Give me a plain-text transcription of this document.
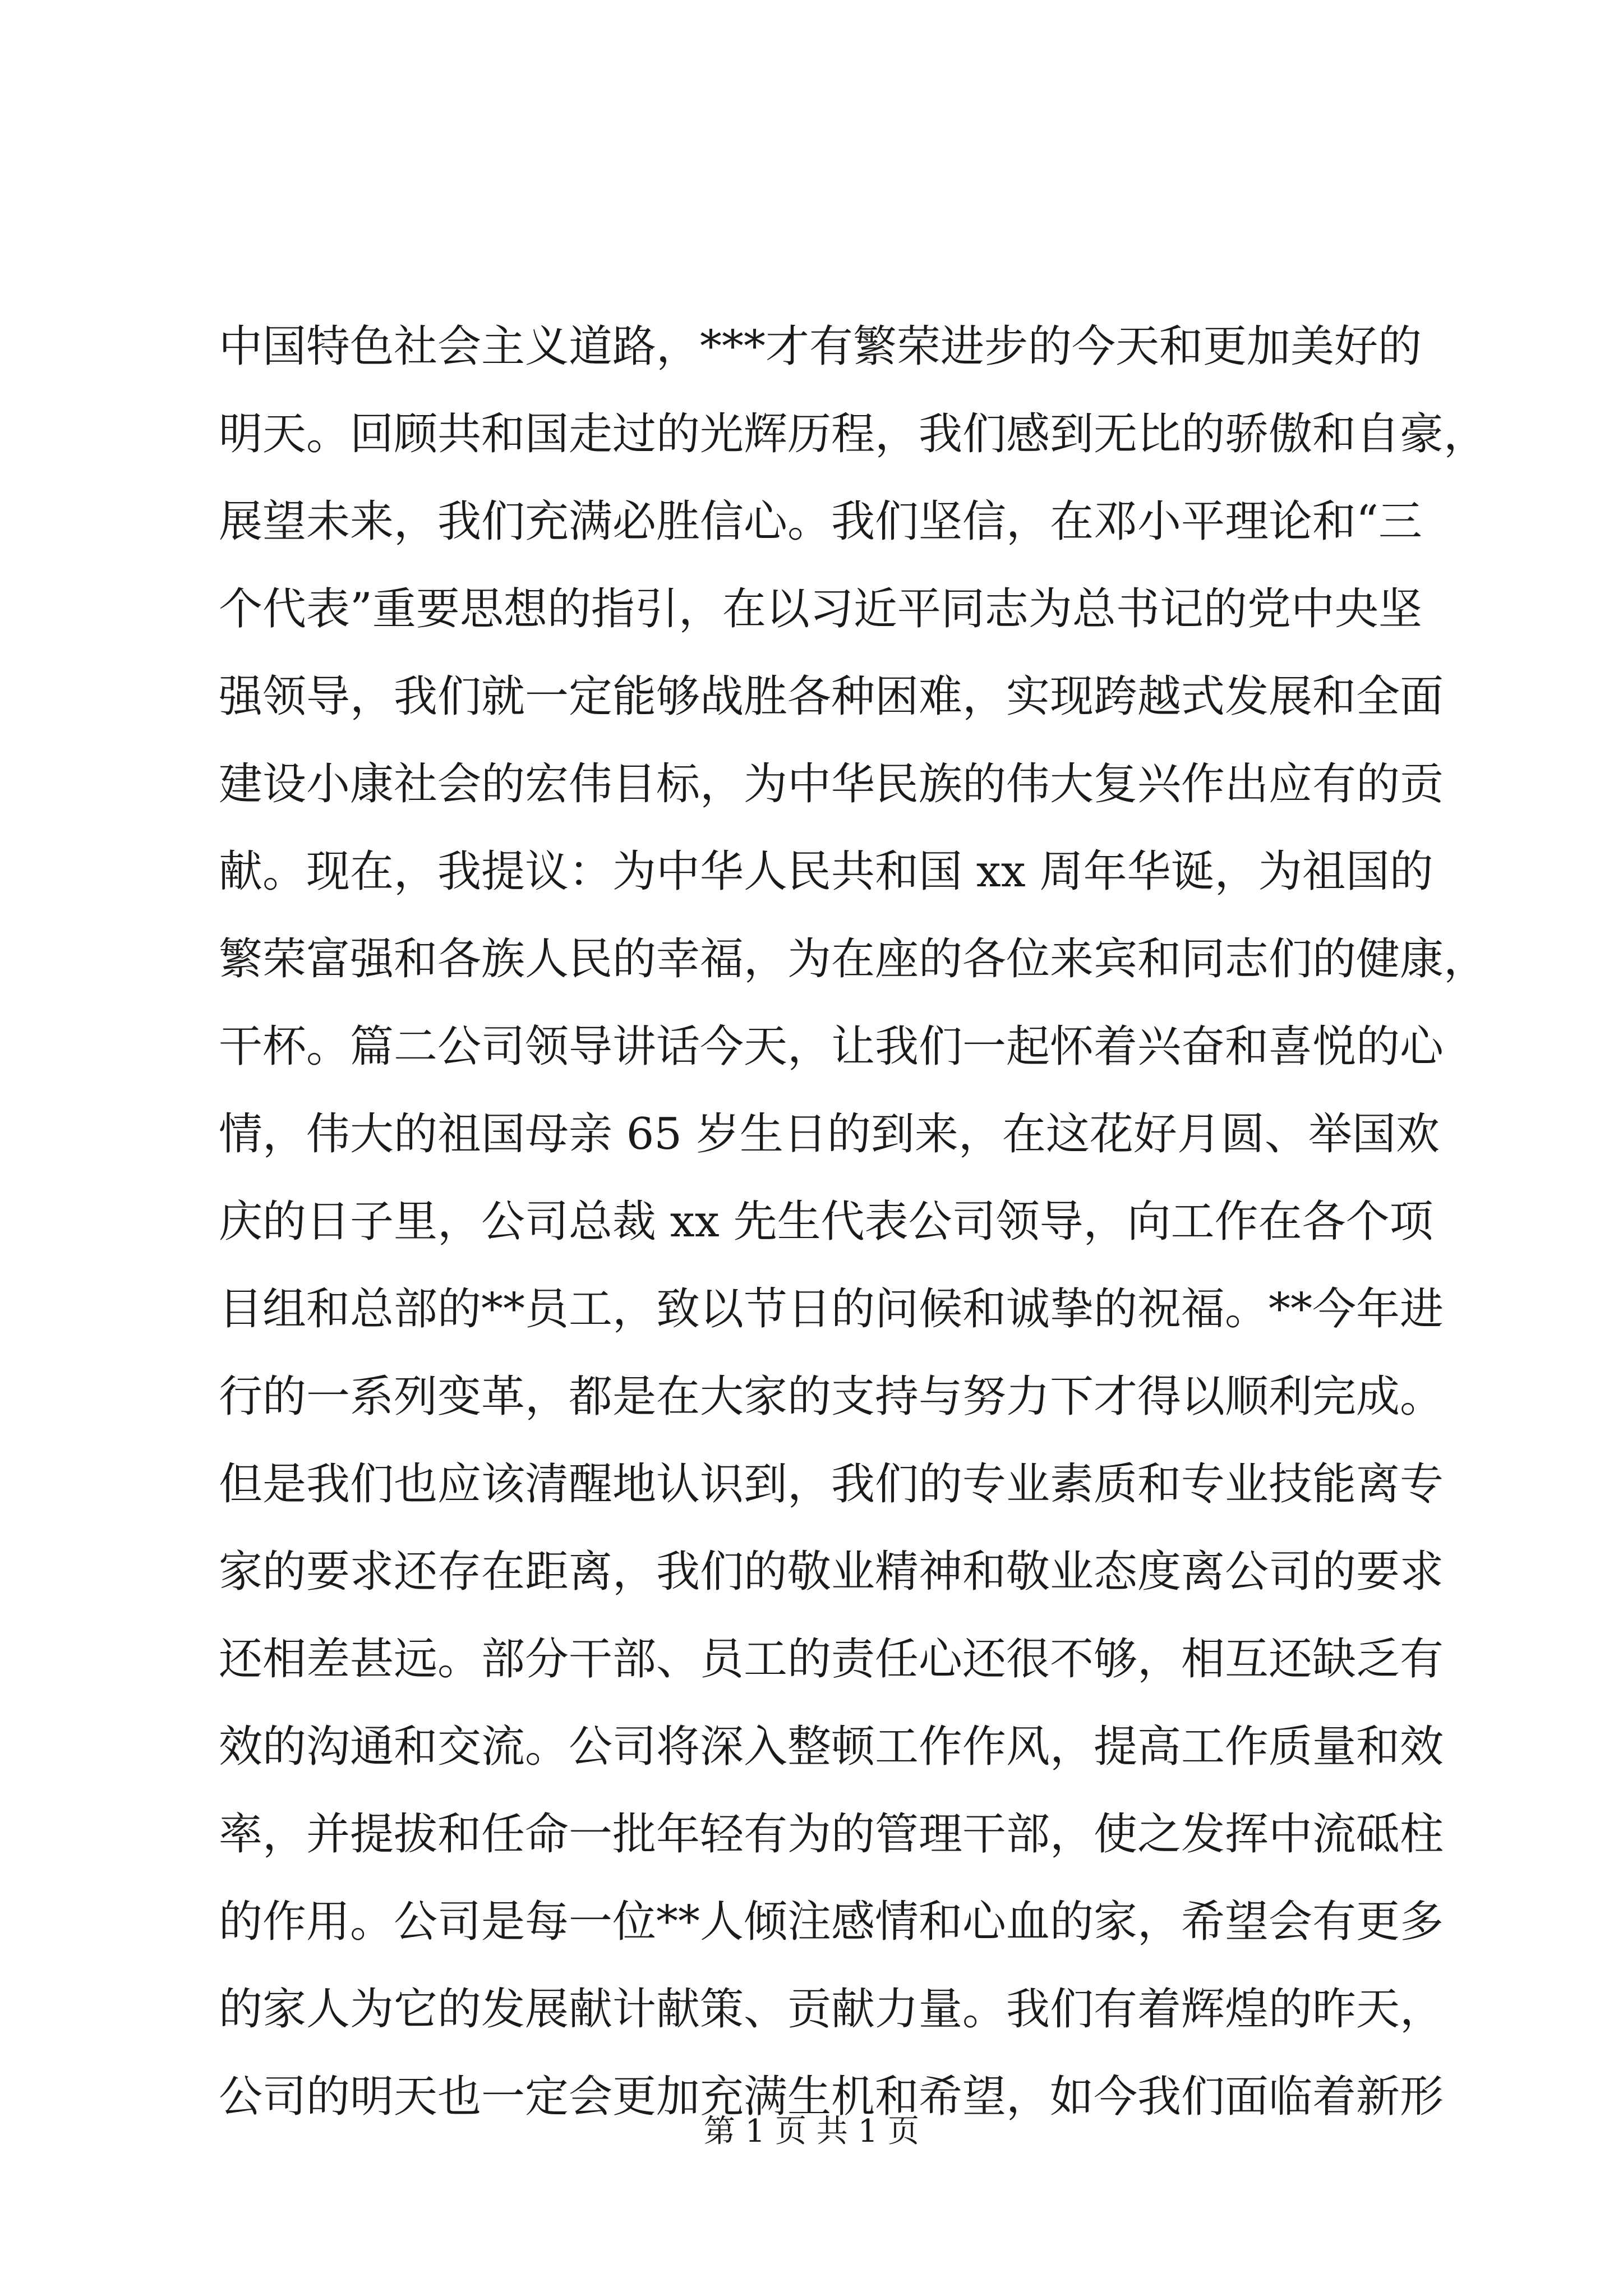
中国特色社会主义道路，***才有繁荣进步的今天和更加美好的
明天。回顾共和国走过的光辉历程，我们感到无比的骄傲和自豪，
展望未来，我们充满必胜信心。我们坚信，在邓小平理论和“三
个代表”重要思想的指引，在以习近平同志为总书记的党中央坚
强领导，我们就一定能够战胜各种困难，实现跨越式发展和全面
建设小康社会的宏伟目标，为中华民族的伟大复兴作出应有的贡
献。现在，我提议：为中华人民共和国 xx 周年华诞，为祖国的
繁荣富强和各族人民的幸福，为在座的各位来宾和同志们的健康，
干杯。篇二公司领导讲话今天，让我们一起怀着兴奋和喜悦的心
情，伟大的祖国母亲 65 岁生日的到来，在这花好月圆、举国欢
庆的日子里，公司总裁 xx 先生代表公司领导，向工作在各个项
目组和总部的**员工，致以节日的问候和诚挚的祝福。**今年进
行的一系列变革，都是在大家的支持与努力下才得以顺利完成。
但是我们也应该清醒地认识到，我们的专业素质和专业技能离专
家的要求还存在距离，我们的敬业精神和敬业态度离公司的要求
还相差甚远。部分干部、员工的责任心还很不够，相互还缺乏有
效的沟通和交流。公司将深入整顿工作作风，提高工作质量和效
率，并提拔和任命一批年轻有为的管理干部，使之发挥中流砥柱
的作用。公司是每一位**人倾注感情和心血的家，希望会有更多
的家人为它的发展献计献策、贡献力量。我们有着辉煌的昨天，
公司的明天也一定会更加充满生机和希望，如今我们面临着新形
第 1 页 共 1 页
